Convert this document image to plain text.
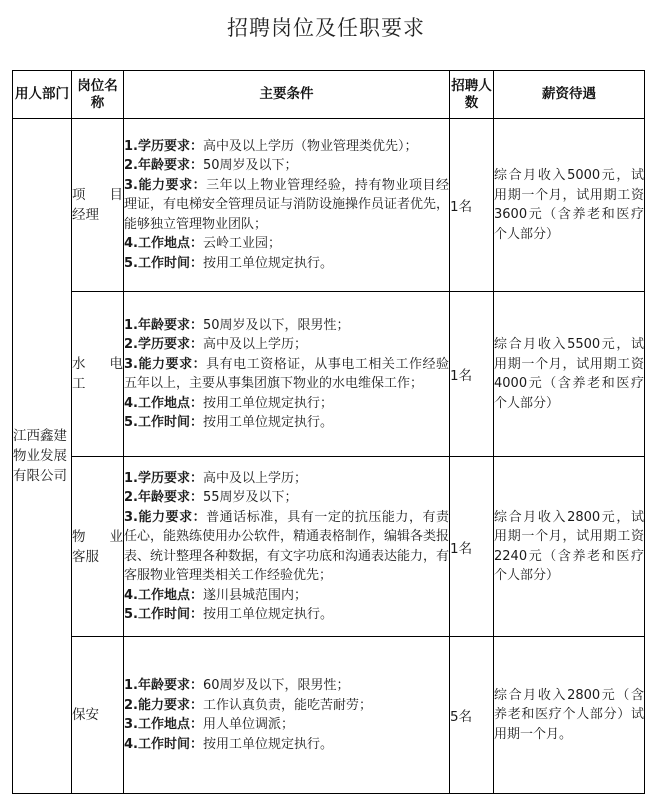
招聘岗位及任职要求
用人部门	岗位名称	主要条件	招聘人数	薪资待遇
江西鑫建物业发展有限公司	项 目
经理	1.学历要求：高中及以上学历（物业管理类优先）；
2.年龄要求：50周岁及以下；
3.能力要求：三年以上物业管理经验，持有物业项目经理证，有电梯安全管理员证与消防设施操作员证者优先，能够独立管理物业团队；
4.工作地点：云岭工业园；
5.工作时间：按用工单位规定执行。	1名	综合月收入5000元，试用期一个月，试用期工资3600元（含养老和医疗个人部分）

	水 电
工	1.年龄要求：50周岁及以下，限男性；
2.学历要求：高中及以上学历；
3.能力要求：具有电工资格证，从事电工相关工作经验五年以上，主要从事集团旗下物业的水电维保工作；
4.工作地点：按用工单位规定执行；
5.工作时间：按用工单位规定执行。	1名	综合月收入5500元，试用期一个月，试用期工资4000元（含养老和医疗个人部分）

	物 业
客服	1.学历要求：高中及以上学历；
2.年龄要求：55周岁及以下；
3.能力要求：普通话标准，具有一定的抗压能力，有责任心，能熟练使用办公软件，精通表格制作，编辑各类报表、统计整理各种数据，有文字功底和沟通表达能力，有客服物业管理类相关工作经验优先；
4.工作地点：遂川县城范围内；
5.工作时间：按用工单位规定执行。	1名	综合月收入2800元，试用期一个月，试用期工资2240元（含养老和医疗个人部分）

	保安	1.年龄要求：60周岁及以下，限男性；
2.能力要求：工作认真负责，能吃苦耐劳；
3.工作地点：用人单位调派；
4.工作时间：按用工单位规定执行。	5名	综合月收入2800元（含养老和医疗个人部分）试用期一个月。
